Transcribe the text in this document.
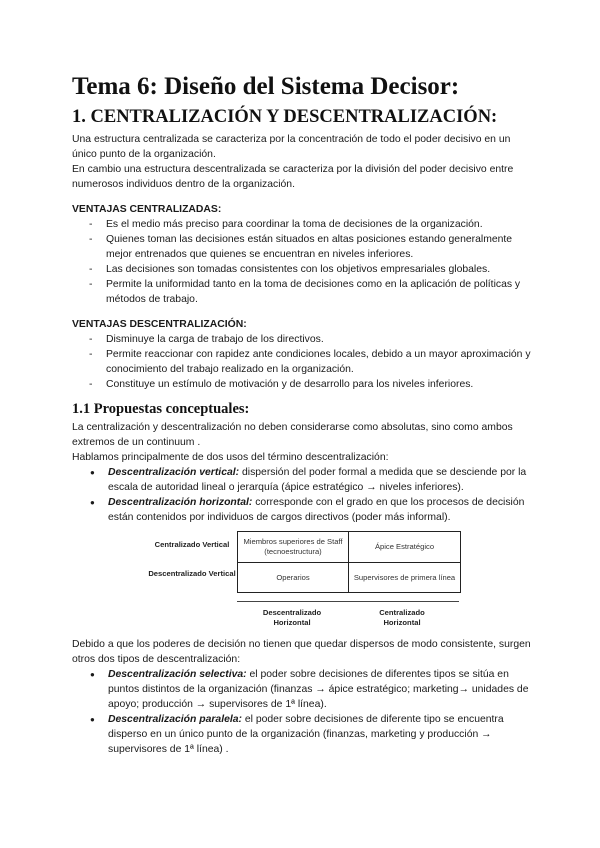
Tema 6: Diseño del Sistema Decisor:
1. CENTRALIZACIÓN Y DESCENTRALIZACIÓN:

Una estructura centralizada se caracteriza por la concentración de todo el poder decisivo en un único punto de la organización.

En cambio una estructura descentralizada se caracteriza por la división del poder decisivo entre numerosos individuos dentro de la organización.

VENTAJAS CENTRALIZADAS:

- Es el medio más preciso para coordinar la toma de decisiones de la organización.
- Quienes toman las decisiones están situados en altas posiciones estando generalmente mejor entrenados que quienes se encuentran en niveles inferiores.
- Las decisiones son tomadas consistentes con los objetivos empresariales globales.
- Permite la uniformidad tanto en la toma de decisiones como en la aplicación de políticas y métodos de trabajo.

VENTAJAS DESCENTRALIZACIÓN:

- Disminuye la carga de trabajo de los directivos.
- Permite reaccionar con rapidez ante condiciones locales, debido a un mayor aproximación y conocimiento del trabajo realizado en la organización.
- Constituye un estímulo de motivación y de desarrollo para los niveles inferiores.
1.1 Propuestas conceptuales:

La centralización y descentralización no deben considerarse como absolutas, sino como ambos extremos de un continuum .

Hablamos principalmente de dos usos del término descentralización:

● Descentralización vertical: dispersión del poder formal a medida que se desciende por la escala de autoridad lineal o jerarquía (ápice estratégico → niveles inferiores).
● Descentralización horizontal: corresponde con el grado en que los procesos de decisión están contenidos por individuos de cargos directivos (poder más informal).
Centralizado Vertical
Descentralizado Vertical
Miembros superiores de Staff (tecnoestructura)
Ápice Estratégico
Operarios	Supervisores de primera línea
Descentralizado Horizontal
Centralizado Horizontal

Debido a que los poderes de decisión no tienen que quedar dispersos de modo consistente, surgen otros dos tipos de descentralización:

● Descentralización selectiva: el poder sobre decisiones de diferentes tipos se sitúa en puntos distintos de la organización (finanzas → ápice estratégico; marketing→ unidades de apoyo; producción → supervisores de 1ª línea).
● Descentralización paralela: el poder sobre decisiones de diferente tipo se encuentra disperso en un único punto de la organización (finanzas, marketing y producción → supervisores de 1ª línea) .
